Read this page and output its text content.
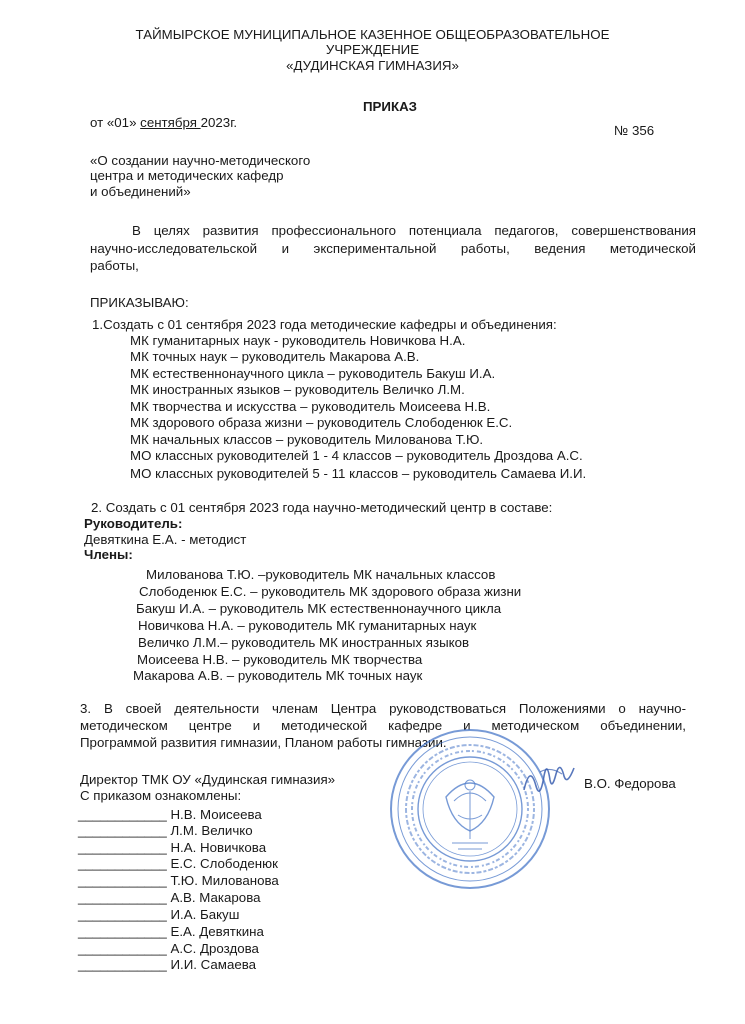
ТАЙМЫРСКОЕ МУНИЦИПАЛЬНОЕ КАЗЕННОЕ ОБЩЕОБРАЗОВАТЕЛЬНОЕ
УЧРЕЖДЕНИЕ
«ДУДИНСКАЯ ГИМНАЗИЯ»
ПРИКАЗ
от «01» сентября 2023г.
№ 356
«О создании научно-методического
центра и методических кафедр
и объединений»
В целях развития профессионального потенциала педагогов, совершенствования
научно-исследовательской и экспериментальной работы, ведения методической
работы,
ПРИКАЗЫВАЮ:
1.Создать с 01 сентября 2023 года методические кафедры и объединения:
МК гуманитарных наук - руководитель Новичкова Н.А.
МК точных наук – руководитель Макарова А.В.
МК естественнонаучного цикла – руководитель Бакуш И.А.
МК иностранных языков – руководитель Величко Л.М.
МК творчества и искусства – руководитель Моисеева Н.В.
МК здорового образа жизни – руководитель Слободенюк Е.С.
МК начальных классов – руководитель Милованова Т.Ю.
МО классных руководителей 1 - 4 классов – руководитель Дроздова А.С.
МО классных руководителей 5 - 11 классов – руководитель Самаева И.И.
2. Создать с 01 сентября 2023 года научно-методический центр в составе:
Руководитель:
Девяткина Е.А. - методист
Члены:
Милованова Т.Ю. –руководитель МК начальных классов
Слободенюк Е.С. – руководитель МК здорового образа жизни
Бакуш И.А. – руководитель МК естественнонаучного цикла
Новичкова Н.А. – руководитель МК гуманитарных наук
Величко Л.М.– руководитель МК иностранных языков
Моисеева Н.В. – руководитель МК творчества
Макарова А.В. – руководитель МК точных наук
3. В своей деятельности членам Центра руководствоваться Положениями о научно-
методическом центре и методической кафедре и методическом объединении,
Программой развития гимназии, Планом работы гимназии.
Директор ТМК ОУ «Дудинская гимназия»	В.О. Федорова
С приказом ознакомлены:
____________ Н.В. Моисеева
____________ Л.М. Величко
____________ Н.А. Новичкова
____________ Е.С. Слободенюк
____________ Т.Ю. Милованова
____________ А.В. Макарова
____________ И.А. Бакуш
____________ Е.А. Девяткина
____________ А.С. Дроздова
____________ И.И. Самаева
